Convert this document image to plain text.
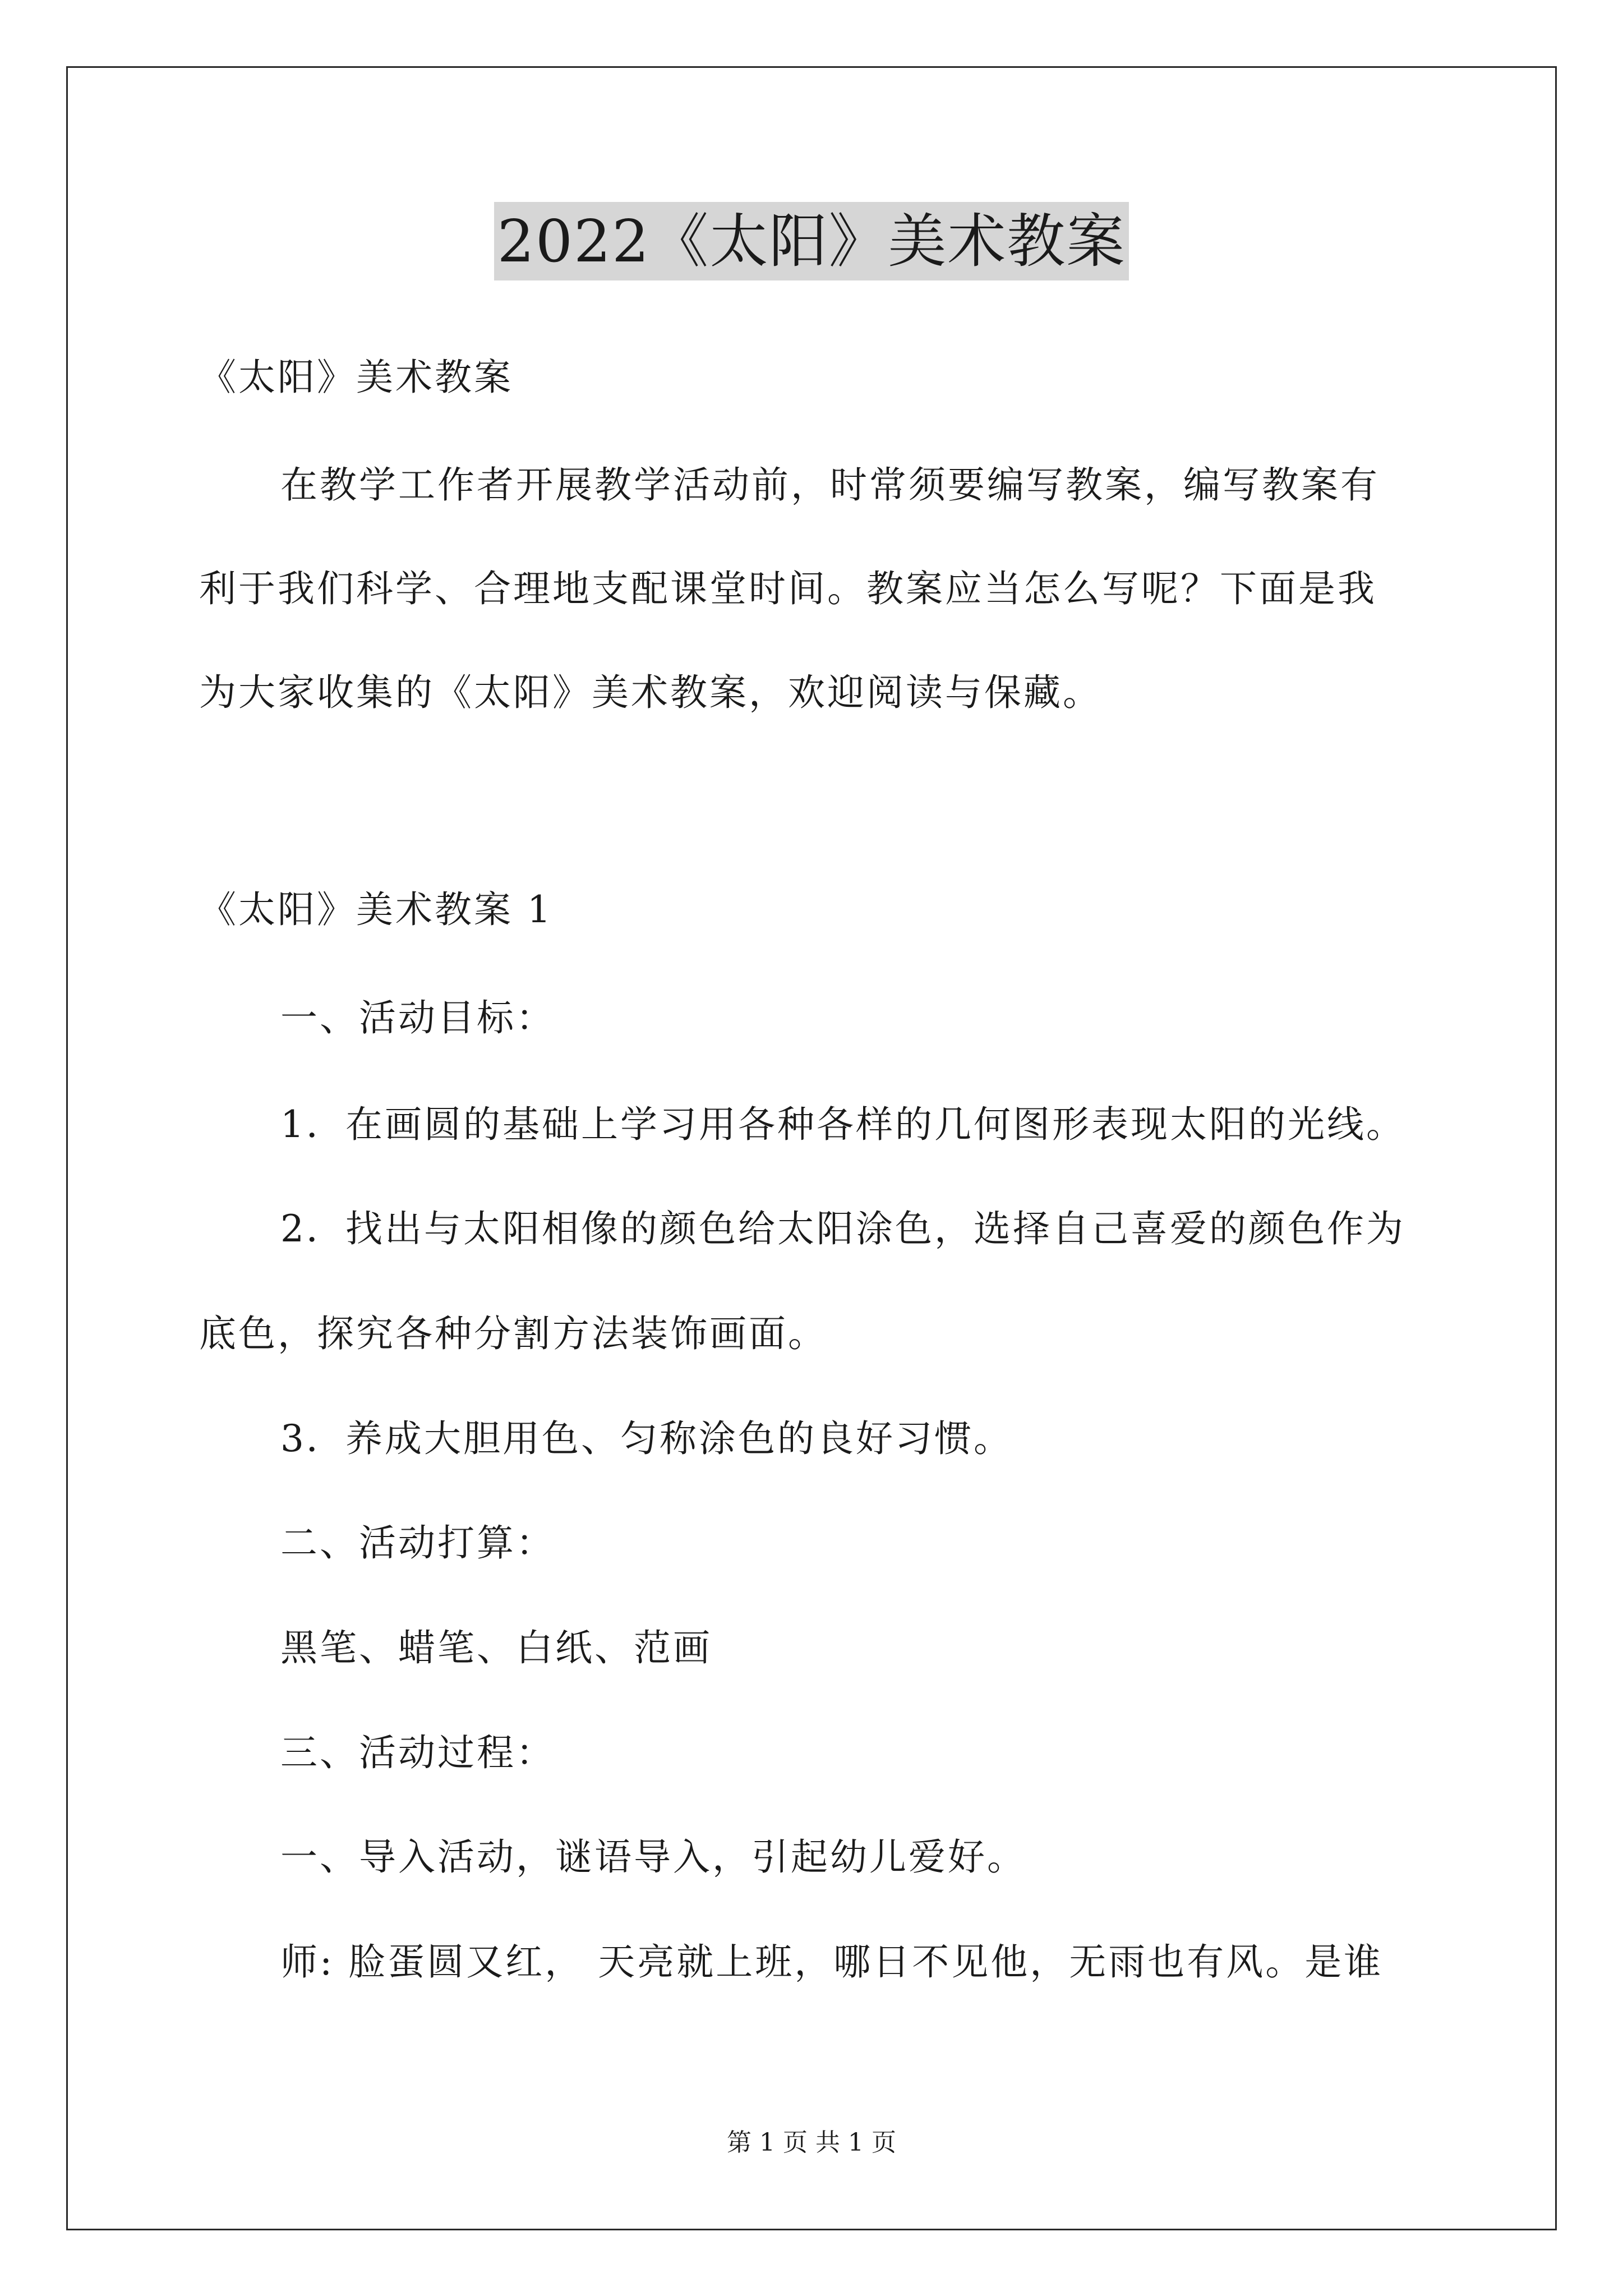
2022《太阳》美术教案
《太阳》美术教案
在教学工作者开展教学活动前，时常须要编写教案，编写教案有
利于我们科学、合理地支配课堂时间。教案应当怎么写呢？下面是我
为大家收集的《太阳》美术教案，欢迎阅读与保藏。
《太阳》美术教案 1
一、活动目标：
1．在画圆的基础上学习用各种各样的几何图形表现太阳的光线。
2．找出与太阳相像的颜色给太阳涂色，选择自己喜爱的颜色作为
底色，探究各种分割方法装饰画面。
3．养成大胆用色、匀称涂色的良好习惯。
二、活动打算：
黑笔、蜡笔、白纸、范画
三、活动过程：
一、导入活动，谜语导入，引起幼儿爱好。
师: 脸蛋圆又红， 天亮就上班，哪日不见他，无雨也有风。是谁
第 1 页 共 1 页
